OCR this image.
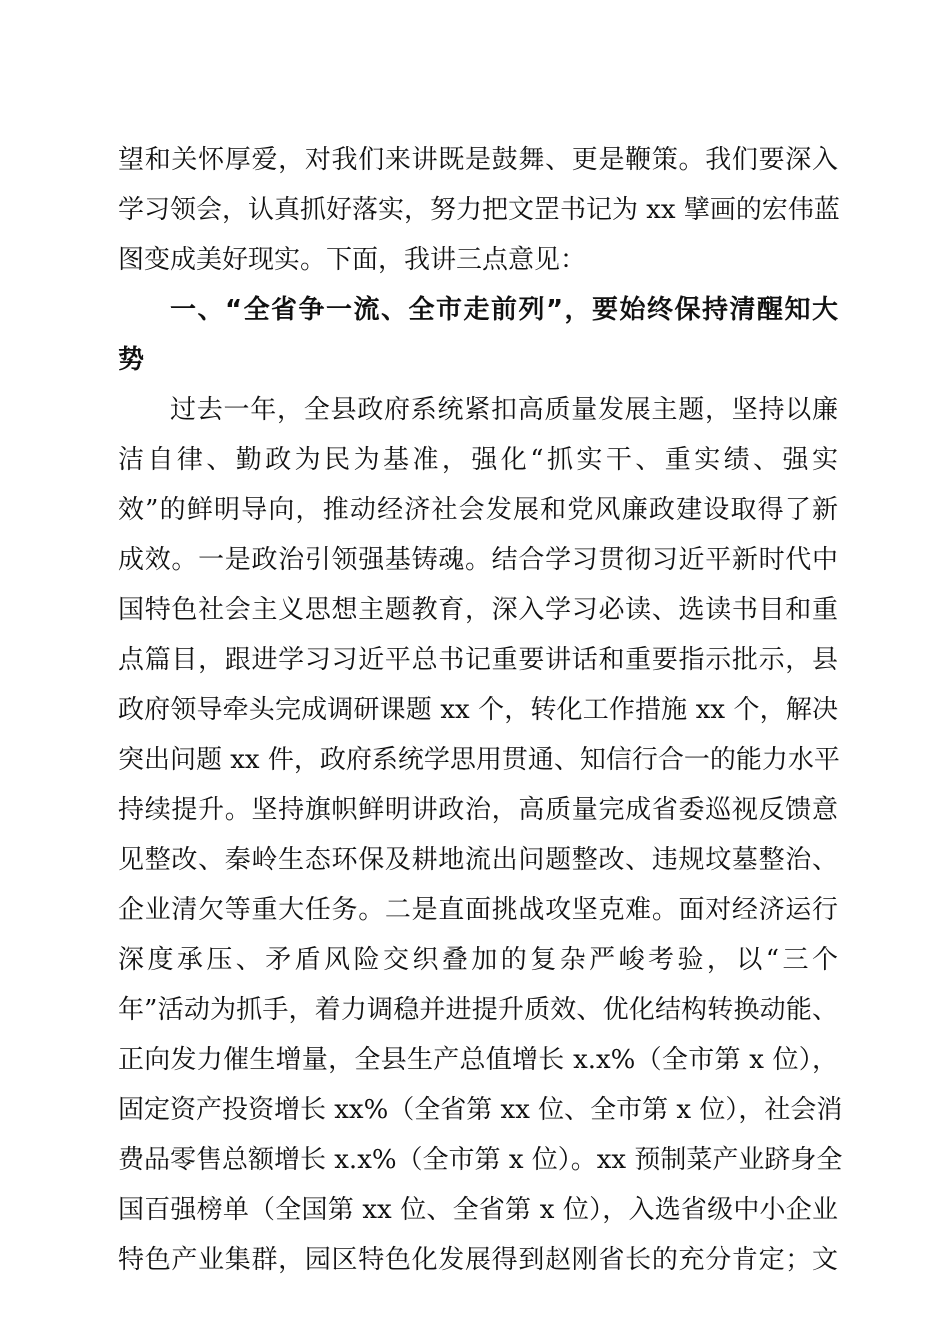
望和关怀厚爱，对我们来讲既是鼓舞、更是鞭策。我们要深入
学习领会，认真抓好落实，努力把文罡书记为 xx 擘画的宏伟蓝
图变成美好现实。下面，我讲三点意见：
一、“全省争一流、全市走前列”，要始终保持清醒知大
势
过去一年，全县政府系统紧扣高质量发展主题，坚持以廉
洁自律、勤政为民为基准，强化“抓实干、重实绩、强实
效”的鲜明导向，推动经济社会发展和党风廉政建设取得了新
成效。一是政治引领强基铸魂。结合学习贯彻习近平新时代中
国特色社会主义思想主题教育，深入学习必读、选读书目和重
点篇目，跟进学习习近平总书记重要讲话和重要指示批示，县
政府领导牵头完成调研课题 xx 个，转化工作措施 xx 个，解决
突出问题 xx 件，政府系统学思用贯通、知信行合一的能力水平
持续提升。坚持旗帜鲜明讲政治，高质量完成省委巡视反馈意
见整改、秦岭生态环保及耕地流出问题整改、违规坟墓整治、
企业清欠等重大任务。二是直面挑战攻坚克难。面对经济运行
深度承压、矛盾风险交织叠加的复杂严峻考验，以“三个
年”活动为抓手，着力调稳并进提升质效、优化结构转换动能、
正向发力催生增量，全县生产总值增长 x.x%（全市第 x 位），
固定资产投资增长 xx%（全省第 xx 位、全市第 x 位），社会消
费品零售总额增长 x.x%（全市第 x 位）。xx 预制菜产业跻身全
国百强榜单（全国第 xx 位、全省第 x 位），入选省级中小企业
特色产业集群，园区特色化发展得到赵刚省长的充分肯定；文
